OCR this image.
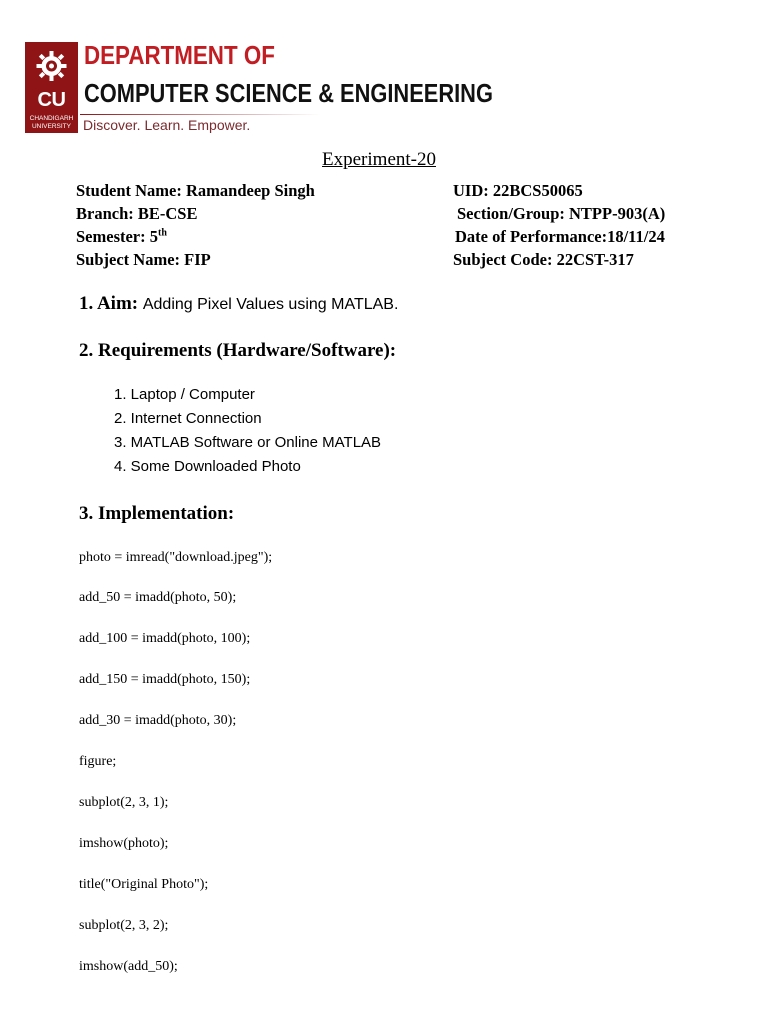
CU
CHANDIGARH UNIVERSITY
DEPARTMENT OF
COMPUTER SCIENCE & ENGINEERING
Discover. Learn. Empower.
Experiment-20
Student Name: Ramandeep Singh	UID: 22BCS50065
Branch: BE-CSE	Section/Group: NTPP-903(A)
Semester: 5th	Date of Performance:18/11/24
Subject Name: FIP	Subject Code: 22CST-317
1. Aim: Adding Pixel Values using MATLAB.
2. Requirements (Hardware/Software):
1. Laptop / Computer
2. Internet Connection
3. MATLAB Software or Online MATLAB
4. Some Downloaded Photo
3. Implementation:
photo = imread("download.jpeg");
add_50 = imadd(photo, 50);
add_100 = imadd(photo, 100);
add_150 = imadd(photo, 150);
add_30 = imadd(photo, 30);
figure;
subplot(2, 3, 1);
imshow(photo);
title("Original Photo");
subplot(2, 3, 2);
imshow(add_50);
